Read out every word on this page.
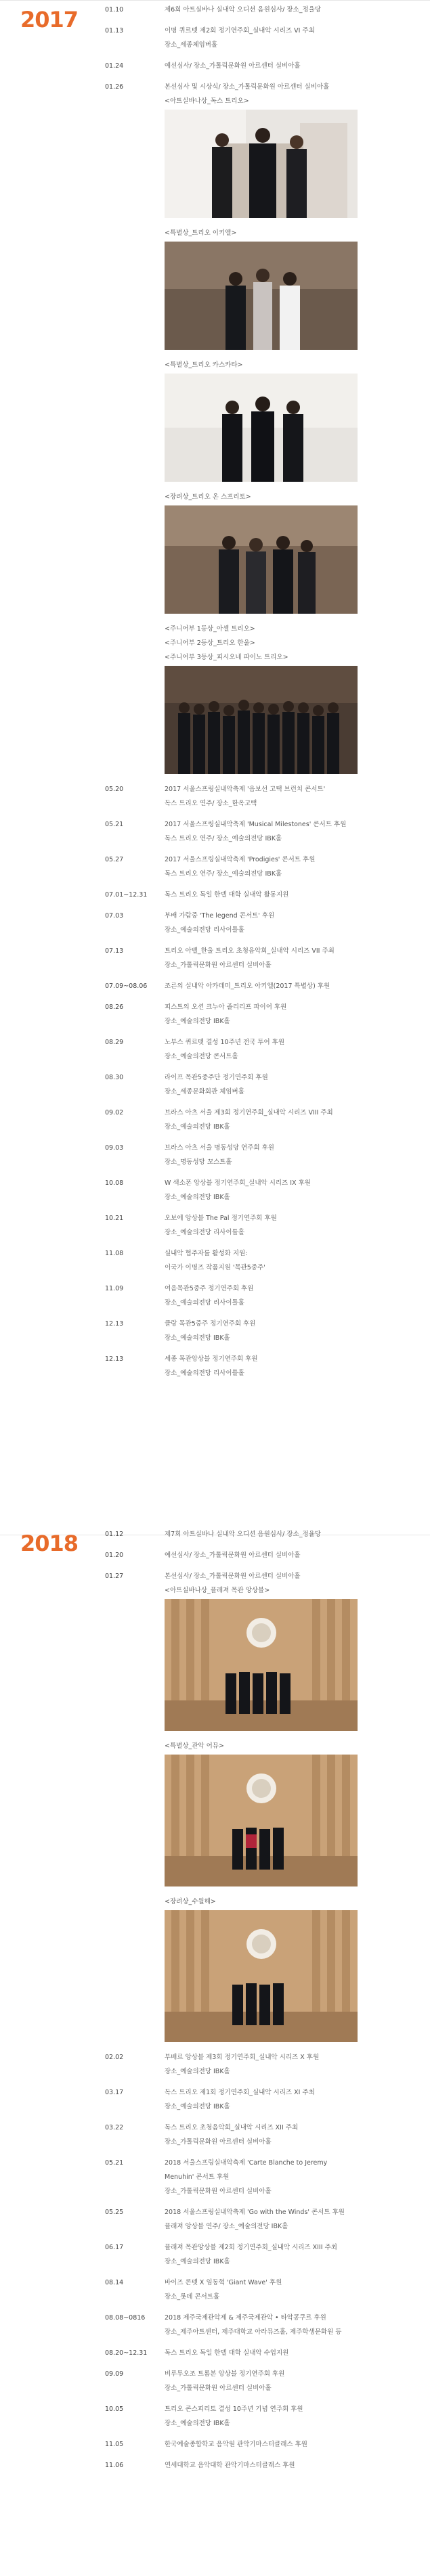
2017	01.10	제6회 아트실바나 실내악 오디션 음원심사/ 장소_정율당
01.13	이명 퀴르텟 제2회 정기연주회_실내악 시리즈 VI 주최
장소_세종체임버홀
01.24	예선심사/ 장소_가톨릭문화원 아르센터 실비아홀
01.26	본선심사 및 시상식/ 장소_가톨릭문화원 아르센터 실비아홀
<아트실바나상_독스 트리오>
<특별상_트리오 이키엘>
<특별상_트리오 카스카타>
<장려상_트리오 온 스프리토>
<주니어부 1등상_아셀 트리오>
<주니어부 2등상_트리오 한울>
<주니어부 3등상_피시오네 파이노 트리오>
05.20	2017 서울스프링실내악축제 '음보선 고택 브런치 콘서트'
독스 트리오 연주/ 장소_한옥고택
05.21	2017 서울스프링실내악축제 'Musical Milestones' 콘서트 후원
독스 트리오 연주/ 장소_예술의전당 IBK홀
05.27	2017 서울스프링실내악축제 'Prodigies' 콘서트 후원
독스 트리오 연주/ 장소_예술의전당 IBK홀
07.01~12.31	독스 트리오 독일 한델 대학 실내악 활동지원
07.03	부배 가람중 'The legend 콘서트' 후원
장소_예술의전당 리사이틀홀
07.13	트리오 아벨_한울 트리오 초청음악회_실내악 시리즈 VII 주최
장소_가톨릭문화원 아르센터 실비아홀
07.09~08.06	조른의 실내악 아카데미_트리오 아키엘(2017 특별상) 후원
08.26	피스트의 오션 크누아 졸리리프 파이어 후원
장소_예술의전당 IBK홀
08.29	노부스 퀴르텟 결성 10주년 전국 투어 후원
장소_예술의전당 콘서트홀
08.30	라이프 목관5중주단 정기연주회 후원
장소_세종문화회관 체임버홀
09.02	브라스 아츠 서울 제3회 정기연주회_실내악 시리즈 VIII 주최
장소_예술의전당 IBK홀
09.03	브라스 아츠 서울 명동성당 연주회 후원
장소_명동성당 꼬스트홀
10.08	W 색소폰 앙상블 정기연주회_실내악 시리즈 IX 후원
장소_예술의전당 IBK홀
10.21	오보에 앙상블 The Pal 정기연주회 후원
장소_예술의전당 리사이틀홀
11.08	실내악 협주자를 활성화 지원:
이국가 이명즈 작품지원 '목관5중주'
11.09	여음목관5중주 정기연주회 후원
장소_예술의전당 리사이틀홀
12.13	클랑 목관5중주 정기연주회 후원
장소_예술의전당 IBK홀
12.13	세종 목관앙상블 정기연주회 후원
장소_예술의전당 리사이틀홀
2018	01.12	제7회 아트실바나 실내악 오디션 음원심사/ 장소_정율당
01.20	예선심사/ 장소_가톨릭문화원 아르센터 실비아홀
01.27	본선심사/ 장소_가톨릭문화원 아르센터 실비아홀
<아트실바나상_플레져 목관 앙상블>
<특별상_관악 어뮤>
<장려상_수월해>
02.02	부배르 앙상블 제3회 정기연주회_실내악 시리즈 X 후원
장소_예술의전당 IBK홀
03.17	독스 트리오 제1회 정기연주회_실내악 시리즈 XI 주최
장소_예술의전당 IBK홀
03.22	독스 트리오 초청음악회_실내악 시리즈 XII 주최
장소_가톨릭문화원 아르센터 실비아홀
05.21	2018 서울스프링실내악축제 'Carte Blanche to Jeremy
Menuhin' 콘서트 후원
장소_가톨릭문화원 아르센터 실비아홀
05.25	2018 서울스프링실내악축제 'Go with the Winds' 콘서트 후원
플래져 앙상블 연주/ 장소_예술의전당 IBK홀
06.17	플래져 목관앙상블 제2회 정기연주회_실내악 시리즈 XIII 주최
장소_예술의전당 IBK홀
08.14	바이즈 콘텟 X 임동혁 'Giant Wave' 후원
장소_롯데 콘서트홀
08.08~0816	2018 제주국제관악제 & 제주국제관악 • 타악콩쿠르 후원
장소_제주아트센터, 제주대학교 아라뮤즈홀, 제주학생문화원 등
08.20~12.31	독스 트리오 독일 한델 대학 실내악 수업지원
09.09	비루투오조 트롬본 앙상블 정기연주회 후원
장소_가톨릭문화원 아르센터 실비아홀
10.05	트리오 콘스피리토 결성 10주년 기념 연주회 후원
장소_예술의전당 IBK홀
11.05	한국예술종합학교 음악원 관악기마스터클래스 후원
11.06	연세대학교 음악대학 관악기마스터클래스 후원
